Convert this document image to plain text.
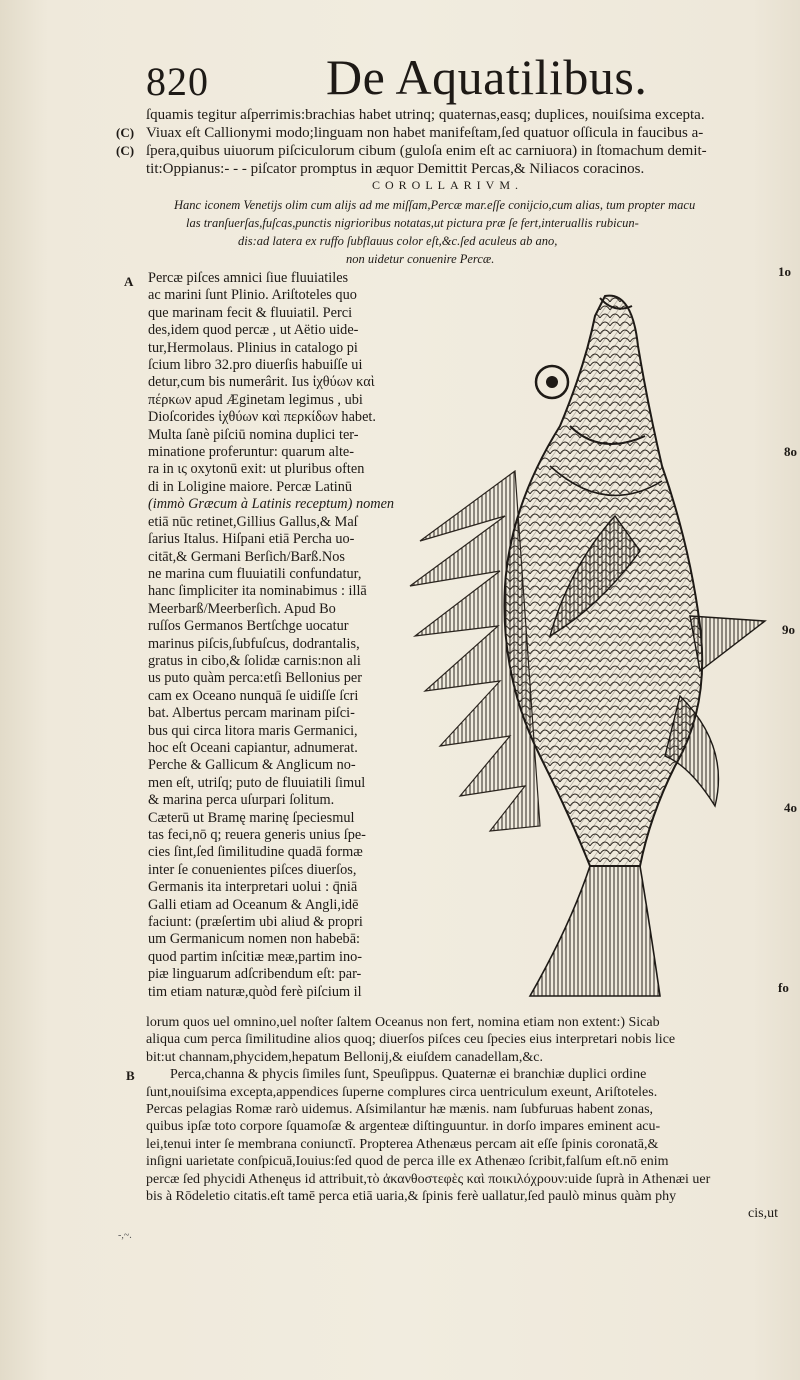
820 De Aquatilibus.
ſquamis tegitur aſperrimis:brachias habet utrinq; quaternas,easq; duplices, nouiſsima excepta.
(C) Viuax eſt Callionymi modo;linguam non habet manifeſtam,ſed quatuor oſſicula in faucibus a-
(C) ſpera,quibus uiuorum piſciculorum cibum (guloſa enim eſt ac carniuora) in ſtomachum demit-
tit:Oppianus:- - - piſcator promptus in æquor Demittit Percas,& Niliacos coracinos.
COROLLARIVM.
Hanc iconem Venetijs olim cum alijs ad me miſſam,Percæ mar.eſſe conijcio,cum alias, tum propter macu
las tranſuerſas,fuſcas,punctis nigrioribus notatas,ut pictura præ ſe fert,interuallis rubicun-
dis:ad latera ex ruffo ſubflauus color eſt,&c.ſed aculeus ab ano,
non uidetur conuenire Percæ.
A Percæ piſces amnici ſiue fluuiatiles
ac marini ſunt Plinio. Ariſtoteles quo
que marinam fecit & fluuiatil. Perci
des,idem quod percæ , ut Aëtio uide-
tur,Hermolaus. Plinius in catalogo pi
ſcium libro 32.pro diuerſis habuiſſe ui
detur,cum bis numerârit. Ius ἰχθύων καὶ
πέρκων apud Æginetam legimus , ubi
Dioſcorides ἰχθύων καὶ περκίδων habet.
Multa ſanè piſciū nomina duplici ter-
minatione proferuntur: quarum alte-
ra in ις oxytonū exit: ut pluribus often
di in Loligine maiore. Percæ Latinū
(immò Græcum à Latinis receptum) nomen
etiā nūc retinet,Gillius Gallus,& Maſ
ſarius Italus. Hiſpani etiā Percha uo-
citāt,& Germani Berſich/Barß.Nos
ne marina cum fluuiatili confundatur,
hanc ſimpliciter ita nominabimus : illā
Meerbarß/Meerberſich. Apud Bo
ruſſos Germanos Bertſchge uocatur
marinus piſcis,ſubfuſcus, dodrantalis,
gratus in cibo,& ſolidæ carnis:non ali
us puto quàm perca:etſi Bellonius per
cam ex Oceano nunquā ſe uidiſſe ſcri
bat. Albertus percam marinam piſci-
bus qui circa litora maris Germanici,
hoc eſt Oceani capiantur, adnumerat.
Perche & Gallicum & Anglicum no-
men eſt, utriſq; puto de fluuiatili ſimul
& marina perca uſurpari ſolitum.
Cæterū ut Bramę marinę ſpeciesmul
tas feci,nō q; reuera generis unius ſpe-
cies ſint,ſed ſimilitudine quadā formæ
inter ſe conuenientes piſces diuerſos,
Germanis ita interpretari uolui : q̄niā
Galli etiam ad Oceanum & Angli,idē
faciunt: (præſertim ubi aliud & propri
um Germanicum nomen non habebā:
quod partim inſcitiæ meæ,partim ino-
piæ linguarum adſcribendum eſt: par-
tim etiam naturæ,quòd ferè piſcium il
1o
8o
9o
4o
fo
lorum quos uel omnino,uel noſter ſaltem Oceanus non fert, nomina etiam non extent:) Sicab
aliqua cum perca ſimilitudine alios quoq; diuerſos piſces ceu ſpecies eius interpretari nobis lice
bit:ut channam,phycidem,hepatum Bellonij,& eiuſdem canadellam,&c.
Perca,channa & phycis ſimiles ſunt, Speuſippus. Quaternæ ei branchiæ duplici ordine
ſunt,nouiſsima excepta,appendices ſuperne complures circa uentriculum exeunt, Ariſtoteles.
Percas pelagias Romæ rarò uidemus. Aſsimilantur hæ mænis. nam ſubfuruas habent zonas,
quibus ipſæ toto corpore ſquamoſæ & argenteæ diſtinguuntur. in dorſo impares eminent acu-
lei,tenui inter ſe membrana coniunctī. Propterea Athenæus percam ait eſſe ſpinis coronatā,&
inſigni uarietate conſpicuā,Iouius:ſed quod de perca ille ex Athenæo ſcribit,falſum eſt.nō enim
percæ ſed phycidi Athenęus id attribuit,τὸ ἀκανθοστεφὲς καὶ ποικιλόχρουν:uide ſuprà in Athenæi uer
bis à Rōdeletio citatis.eſt tamē perca etiā uaria,& ſpinis ferè uallatur,ſed paulò minus quàm phy
cis,ut
B
-,~.
